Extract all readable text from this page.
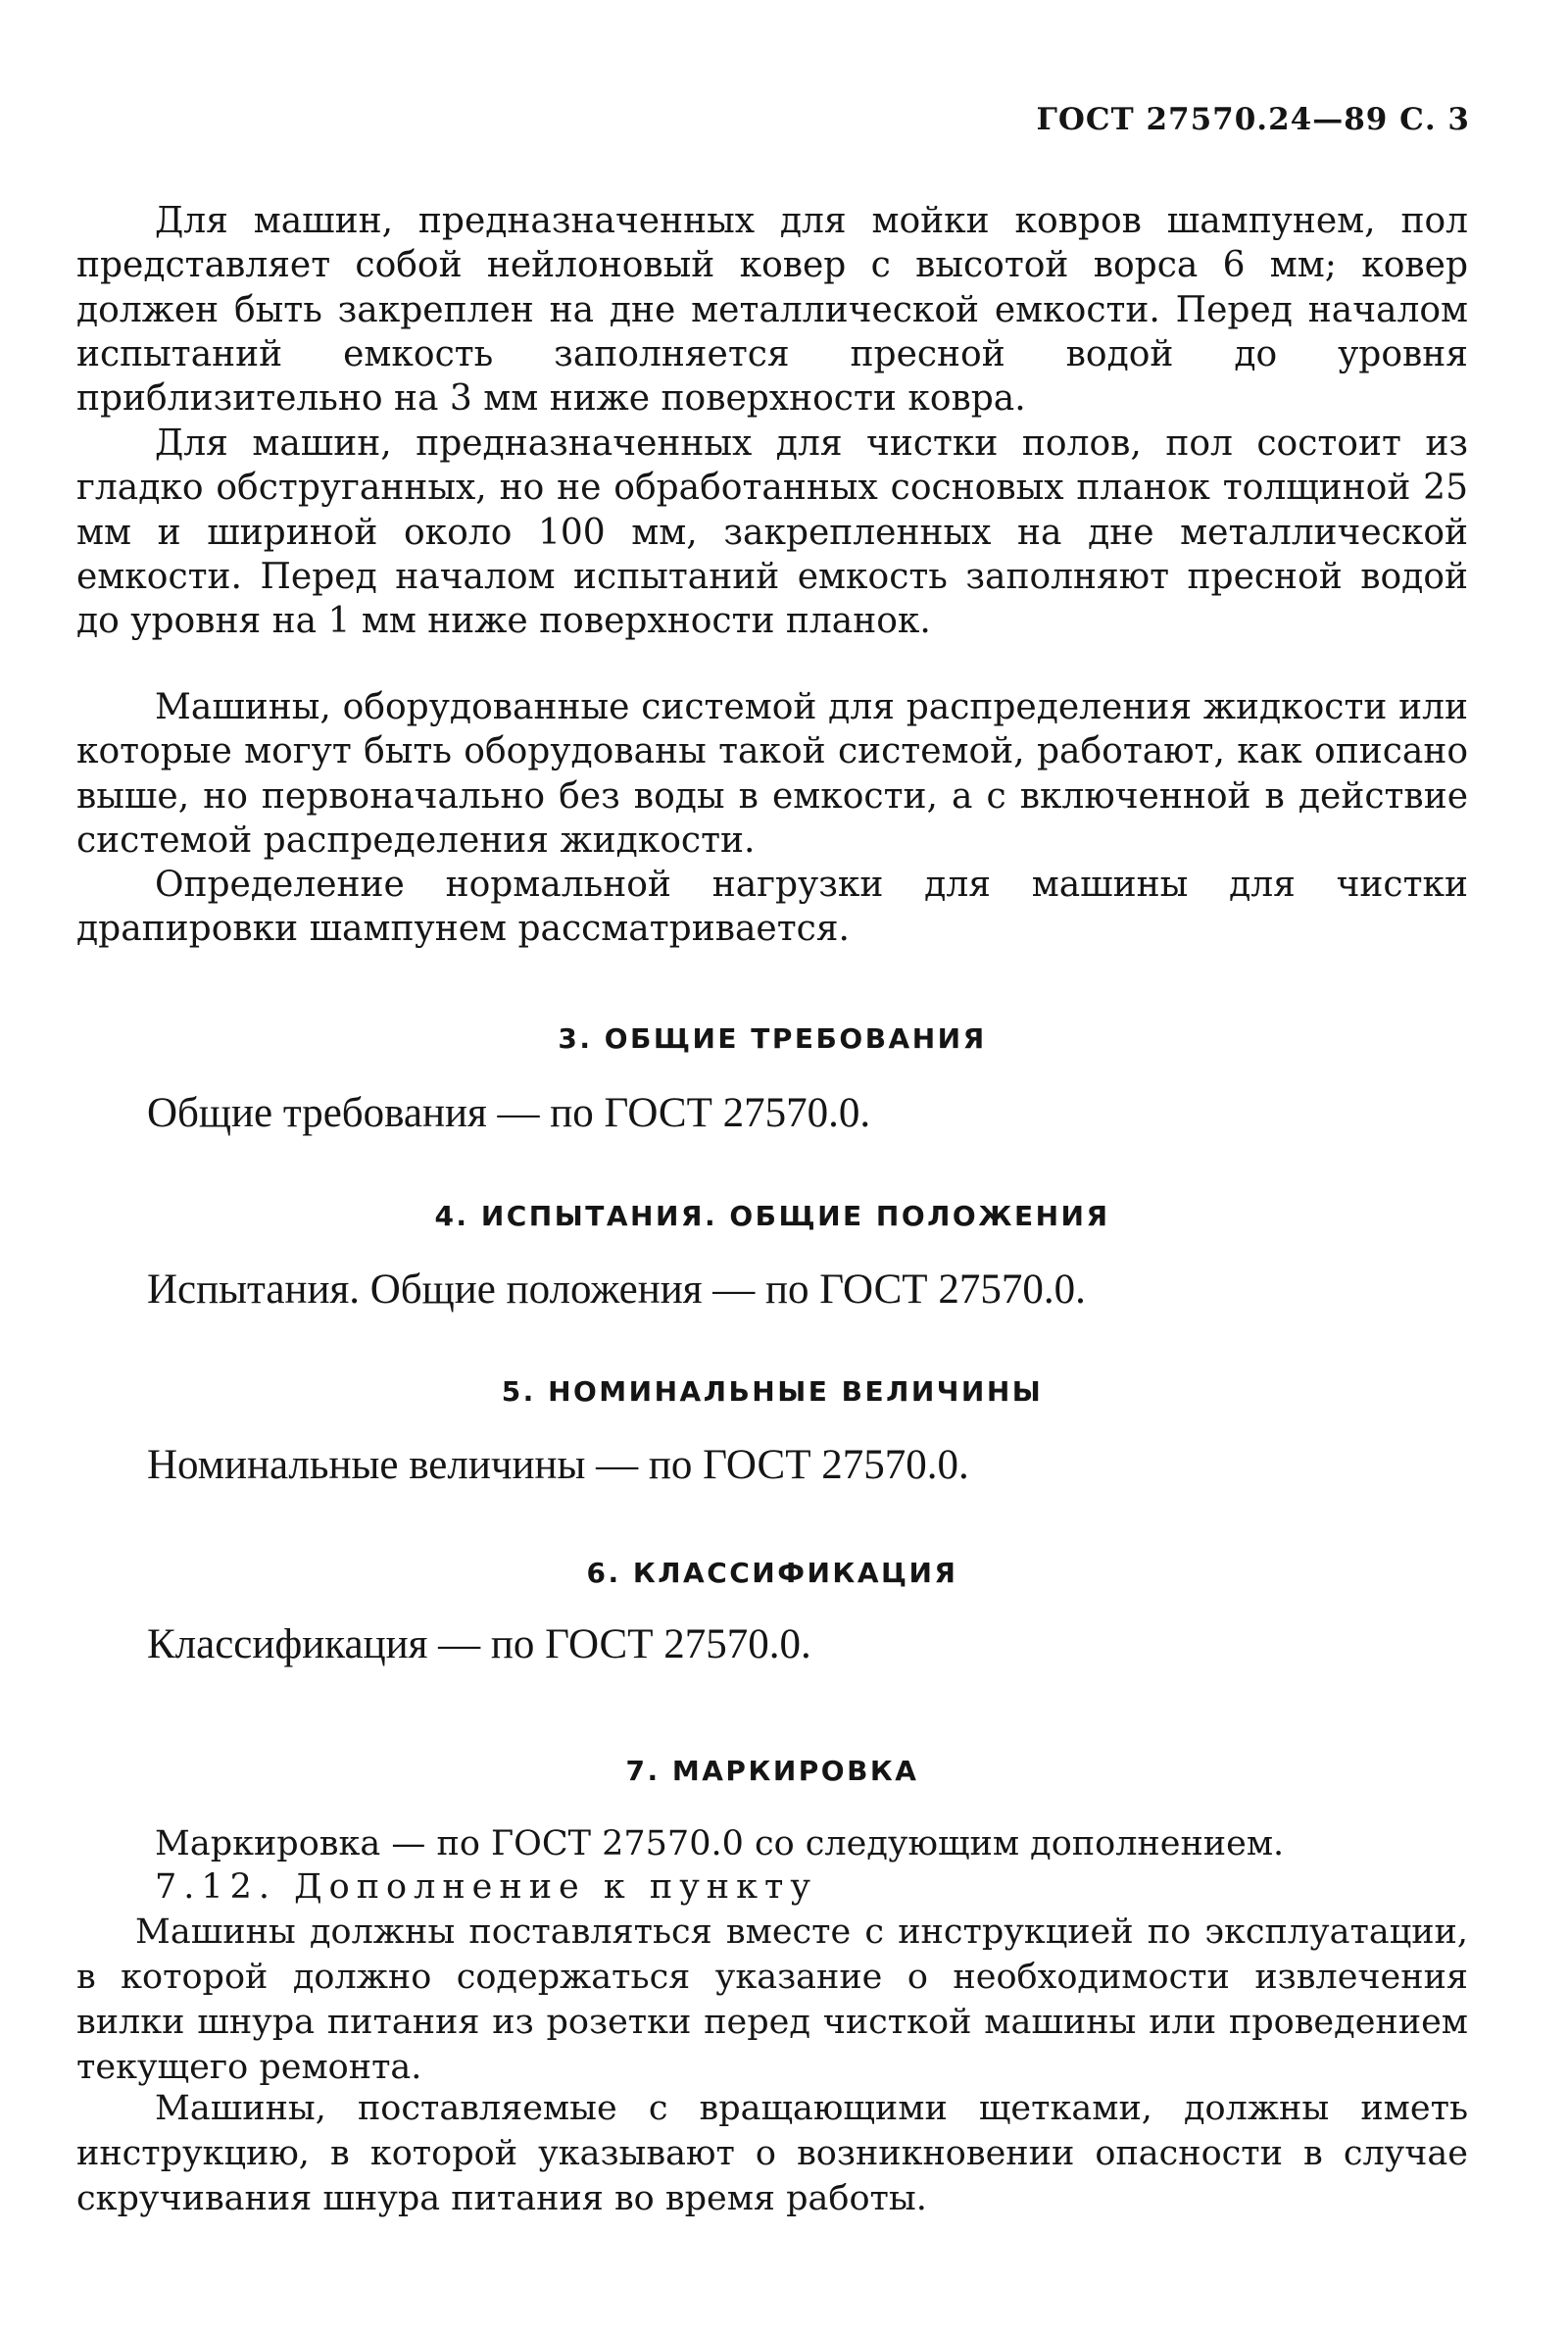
ГОСТ 27570.24—89 С. 3

Для машин, предназначенных для мойки ковров шампунем, пол представляет собой нейлоновый ковер с высотой ворса 6 мм; ковер должен быть закреплен на дне металлической емкости. Перед началом испытаний емкость заполняется пресной водой до уровня приблизительно на 3 мм ниже поверхности ковра.

Для машин, предназначенных для чистки полов, пол состоит из гладко обструганных, но не обработанных сосновых планок толщиной 25 мм и шириной около 100 мм, закрепленных на дне металлической емкости. Перед началом испытаний емкость заполняют пресной водой до уровня на 1 мм ниже поверхности планок.

Машины, оборудованные системой для распределения жидкости или которые могут быть оборудованы такой системой, работают, как описано выше, но первоначально без воды в емкости, а с включенной в действие системой распределения жидкости.

Определение нормальной нагрузки для машины для чистки драпировки шампунем рассматривается.

3. ОБЩИЕ ТРЕБОВАНИЯ

Общие требования — по ГОСТ 27570.0.

4. ИСПЫТАНИЯ. ОБЩИЕ ПОЛОЖЕНИЯ

Испытания. Общие положения — по ГОСТ 27570.0.

5. НОМИНАЛЬНЫЕ ВЕЛИЧИНЫ

Номинальные величины — по ГОСТ 27570.0.

6. КЛАССИФИКАЦИЯ

Классификация — по ГОСТ 27570.0.

7. МАРКИРОВКА

Маркировка — по ГОСТ 27570.0 со следующим дополнением.

7.12. Дополнение к пункту

Машины должны поставляться вместе с инструкцией по эксплуатации, в которой должно содержаться указание о необходимости извлечения вилки шнура питания из розетки перед чисткой машины или проведением текущего ремонта.

Машины, поставляемые с вращающими щетками, должны иметь инструкцию, в которой указывают о возникновении опасности в случае скручивания шнура питания во время работы.
